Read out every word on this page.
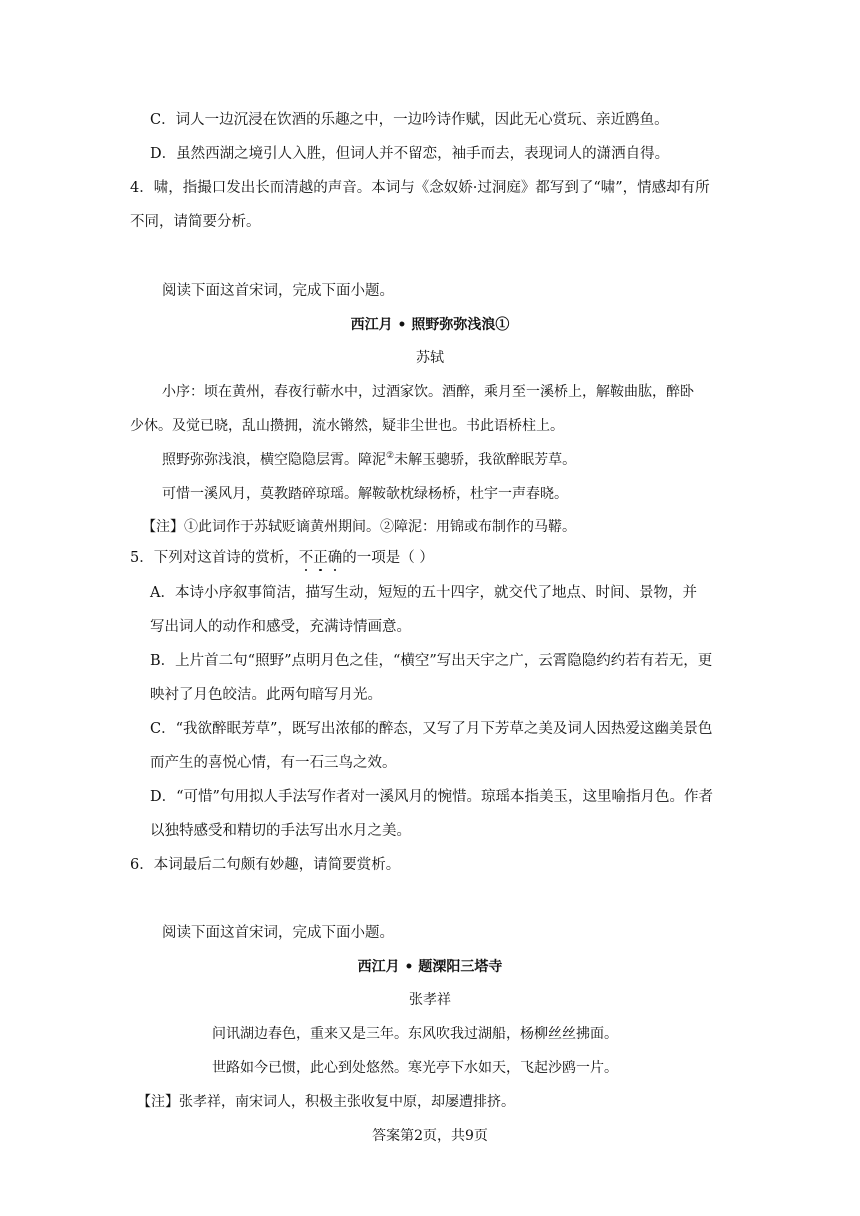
C．词人一边沉浸在饮酒的乐趣之中，一边吟诗作赋，因此无心赏玩、亲近鸥鱼。
D．虽然西湖之境引人入胜，但词人并不留恋，袖手而去，表现词人的潇洒自得。
4．啸，指撮口发出长而清越的声音。本词与《念奴娇·过洞庭》都写到了“啸”，情感却有所
不同，请简要分析。
阅读下面这首宋词，完成下面小题。
西江月 • 照野弥弥浅浪①
苏轼
小序：顷在黄州，春夜行蕲水中，过酒家饮。酒醉，乘月至一溪桥上，解鞍曲肱，醉卧
少休。及觉已晓，乱山攒拥，流水锵然，疑非尘世也。书此语桥柱上。
照野弥弥浅浪，横空隐隐层霄。障泥②未解玉骢骄，我欲醉眠芳草。
可惜一溪风月，莫教踏碎琼瑶。解鞍欹枕绿杨桥，杜宇一声春晓。
【注】①此词作于苏轼贬谪黄州期间。②障泥：用锦或布制作的马鞯。
5．下列对这首诗的赏析，不正确的一项是（ ）
A．本诗小序叙事简洁，描写生动，短短的五十四字，就交代了地点、时间、景物，并
写出词人的动作和感受，充满诗情画意。
B．上片首二句“照野”点明月色之佳，“横空”写出天宇之广，云霄隐隐约约若有若无，更
映衬了月色皎洁。此两句暗写月光。
C．“我欲醉眠芳草”，既写出浓郁的醉态，又写了月下芳草之美及词人因热爱这幽美景色
而产生的喜悦心情，有一石三鸟之效。
D．“可惜”句用拟人手法写作者对一溪风月的惋惜。琼瑶本指美玉，这里喻指月色。作者
以独特感受和精切的手法写出水月之美。
6．本词最后二句颇有妙趣，请简要赏析。
阅读下面这首宋词，完成下面小题。
西江月 • 题溧阳三塔寺
张孝祥
问讯湖边春色，重来又是三年。东风吹我过湖船，杨柳丝丝拂面。
世路如今已惯，此心到处悠然。寒光亭下水如天，飞起沙鸥一片。
【注】张孝祥，南宋词人，积极主张收复中原，却屡遭排挤。
答案第2页，共9页
